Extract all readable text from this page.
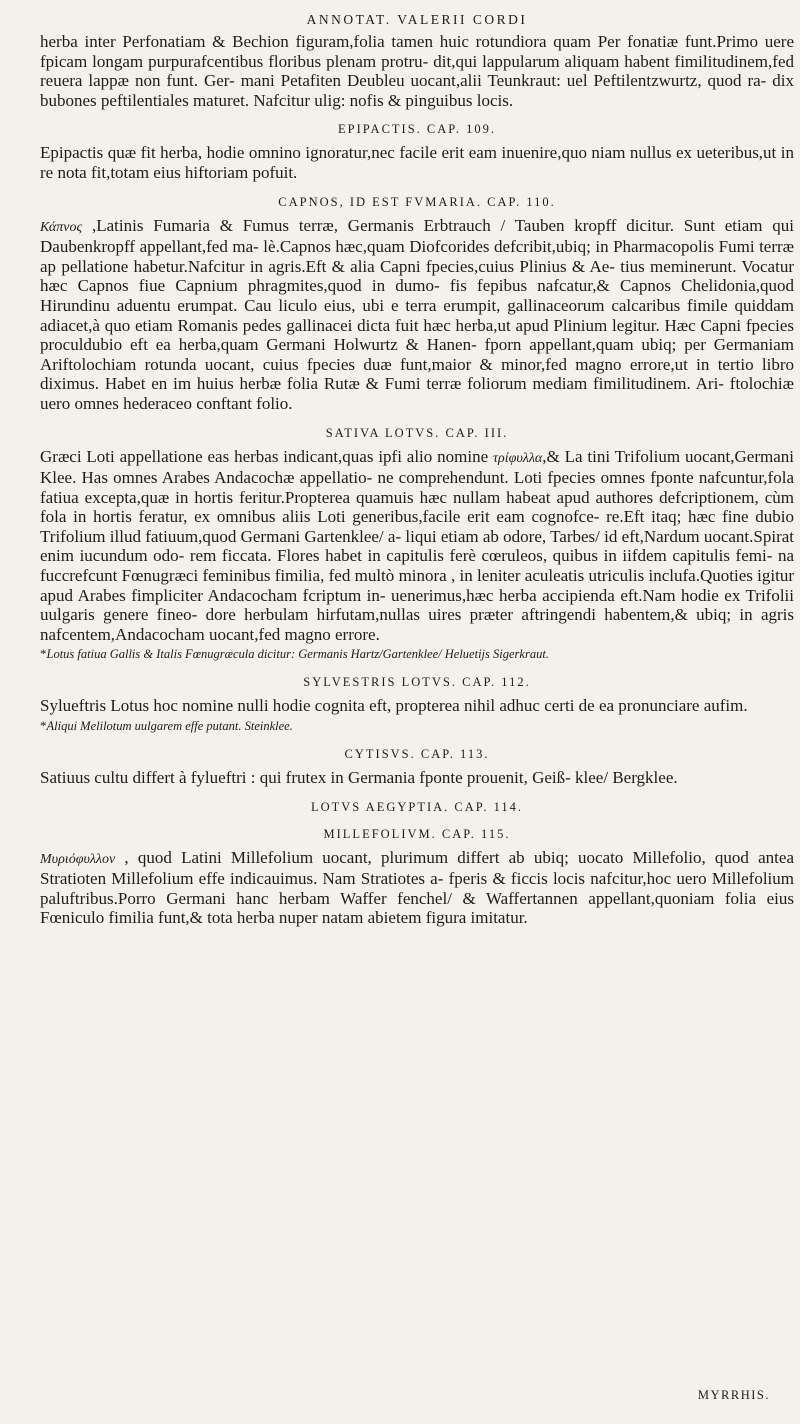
ANNOTAT. VALERII CORDI

herba inter Perfonatiam & Bechion figuram,folia tamen huic rotundiora quam Per fonatiæ funt.Primo uere fpicam longam purpurafcentibus floribus plenam protru- dit,qui lappularum aliquam habent fimilitudinem,fed reuera lappæ non funt. Ger- mani Petafiten Deubleu uocant,alii Teunkraut: uel Peftilentzwurtz, quod ra- dix bubones peftilentiales maturet. Nafcitur ulig: nofis & pinguibus locis.

EPIPACTIS. CAP. 109.

Epipactis quæ fit herba, hodie omnino ignoratur,nec facile erit eam inuenire,quo niam nullus ex ueteribus,ut in re nota fit,totam eius hiftoriam pofuit.

CAPNOS, ID EST FVMARIA. CAP. 110.

Κάπνος ,Latinis Fumaria & Fumus terræ, Germanis Erbtrauch / Tauben kropff dicitur. Sunt etiam qui Daubenkropff appellant,fed ma- lè.Capnos hæc,quam Diofcorides defcribit,ubiq; in Pharmacopolis Fumi terræ ap pellatione habetur.Nafcitur in agris.Eft & alia Capni fpecies,cuius Plinius & Ae- tius meminerunt. Vocatur hæc Capnos fiue Capnium phragmites,quod in dumo- fis fepibus nafcatur,& Capnos Chelidonia,quod Hirundinu aduentu erumpat. Cau liculo eius, ubi e terra erumpit, gallinaceorum calcaribus fimile quiddam adiacet,à quo etiam Romanis pedes gallinacei dicta fuit hæc herba,ut apud Plinium legitur. Hæc Capni fpecies proculdubio eft ea herba,quam Germani Holwurtz & Hanen- fporn appellant,quam ubiq; per Germaniam Ariftolochiam rotunda uocant, cuius fpecies duæ funt,maior & minor,fed magno errore,ut in tertio libro diximus. Habet en im huius herbæ folia Rutæ & Fumi terræ foliorum mediam fimilitudinem. Ari- ftolochiæ uero omnes hederaceo conftant folio.

SATIVA LOTVS. CAP. III.

Græci Loti appellatione eas herbas indicant,quas ipfi alio nomine τρίφυλλα,& La tini Trifolium uocant,Germani Klee. Has omnes Arabes Andacochæ appellatio- ne comprehendunt. Loti fpecies omnes fponte nafcuntur,fola fatiua excepta,quæ in hortis feritur.Propterea quamuis hæc nullam habeat apud authores defcriptionem, cùm fola in hortis feratur, ex omnibus aliis Loti generibus,facile erit eam cognofce- re.Eft itaq; hæc fine dubio Trifolium illud fatiuum,quod Germani Gartenklee/ a- liqui etiam ab odore, Tarbes/ id eft,Nardum uocant.Spirat enim iucundum odo- rem ficcata. Flores habet in capitulis ferè cœruleos, quibus in iifdem capitulis femi- na fuccrefcunt Fœnugræci feminibus fimilia, fed multò minora , in leniter aculeatis utriculis inclufa.Quoties igitur apud Arabes fimpliciter Andacocham fcriptum in- uenerimus,hæc herba accipienda eft.Nam hodie ex Trifolii uulgaris genere fineo- dore herbulam hirfutam,nullas uires præter aftringendi habentem,& ubiq; in agris nafcentem,Andacocham uocant,fed magno errore.

*Lotus fatiua Gallis & Italis Fœnugræcula dicitur: Germanis Hartz/Gartenklee/ Heluetijs Sigerkraut.

SYLVESTRIS LOTVS. CAP. 112.

Sylueftris Lotus hoc nomine nulli hodie cognita eft, propterea nihil adhuc certi de ea pronunciare aufim.

*Aliqui Melilotum uulgarem effe putant. Steinklee.

CYTISVS. CAP. 113.

Satiuus cultu differt à fylueftri : qui frutex in Germania fponte prouenit, Geiß- klee/ Bergklee.

LOTVS AEGYPTIA. CAP. 114.
MILLEFOLIVM. CAP. 115.

Μυριόφυλλον , quod Latini Millefolium uocant, plurimum differt ab ubiq; uocato Millefolio, quod antea Stratioten Millefolium effe indicauimus. Nam Stratiotes a- fperis & ficcis locis nafcitur,hoc uero Millefolium paluftribus.Porro Germani hanc herbam Waffer fenchel/ & Waffertannen appellant,quoniam folia eius Fœniculo fimilia funt,& tota herba nuper natam abietem figura imitatur.

MYRRHIS.
